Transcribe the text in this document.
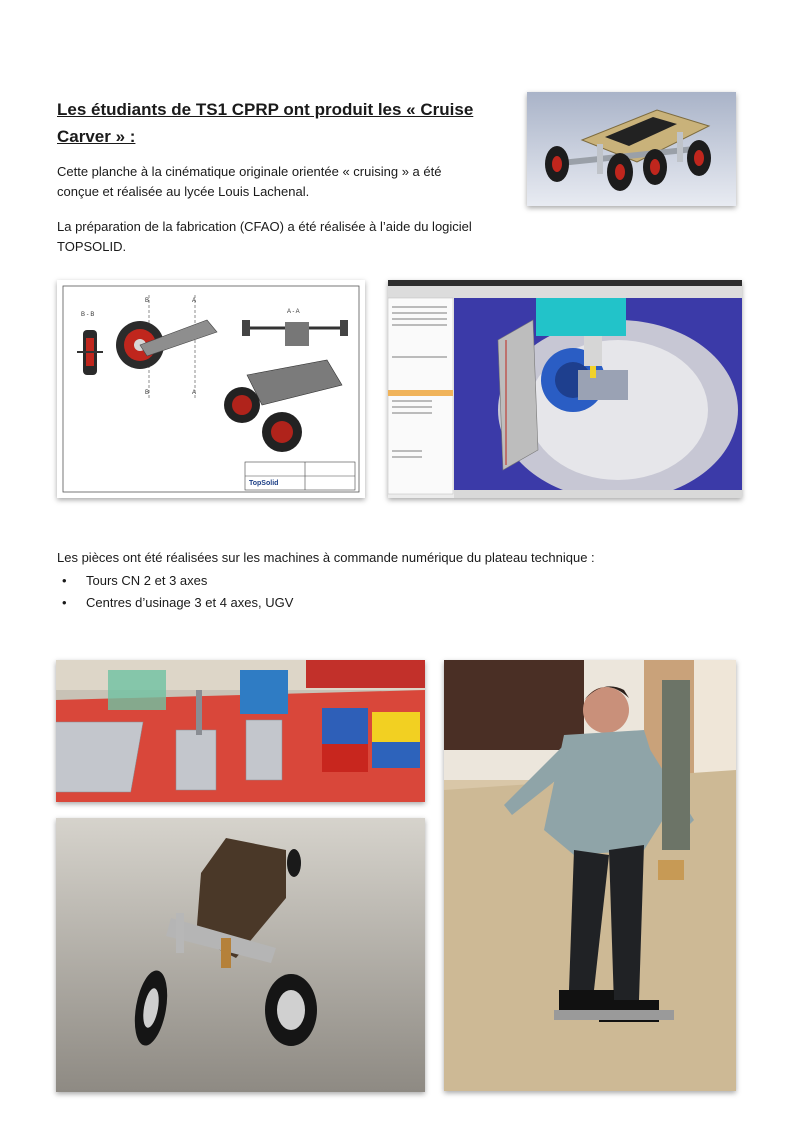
Les étudiants de TS1 CPRP ont produit les « Cruise Carver » :
Cette planche à la cinématique originale orientée « cruising » a été conçue et réalisée au lycée Louis Lachenal.
La préparation de la fabrication (CFAO) a été réalisée à l’aide du logiciel TOPSOLID.
B - B	A - A
B
B
A
A
TopSolid
Les pièces ont été réalisées sur les machines à commande numérique du plateau technique :
• Tours CN 2 et 3 axes
• Centres d’usinage 3 et 4 axes, UGV
